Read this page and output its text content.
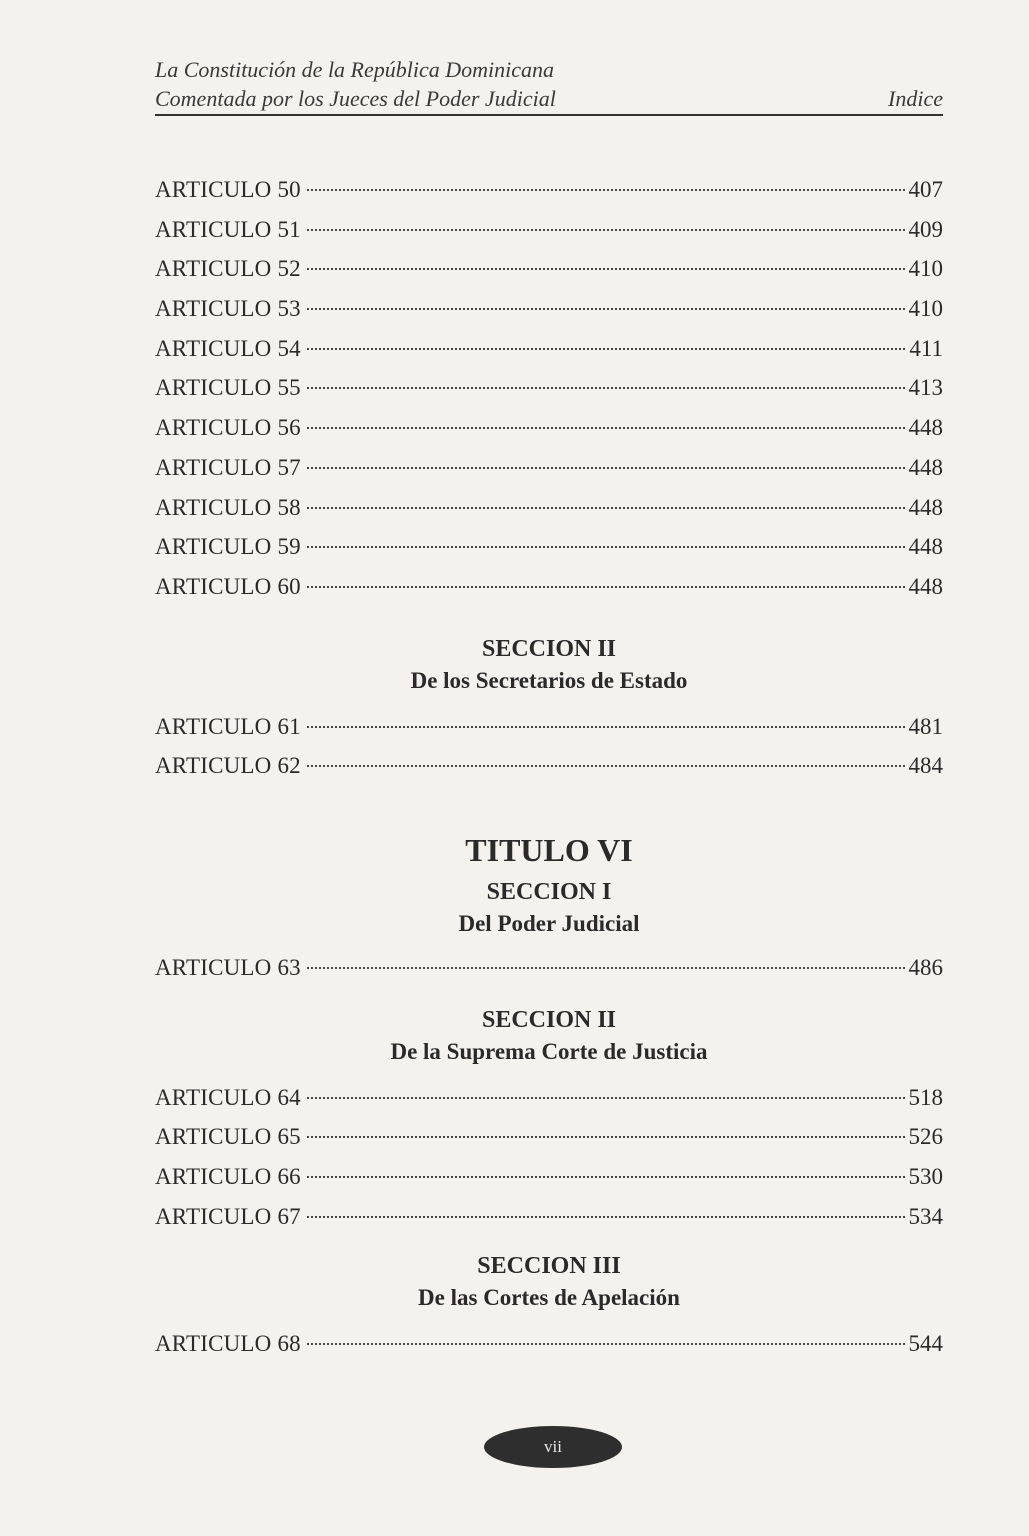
La Constitución de la República Dominicana
Comentada por los Jueces del Poder Judicial	Indice
ARTICULO 50	407
ARTICULO 51	409
ARTICULO 52	410
ARTICULO 53	410
ARTICULO 54	411
ARTICULO 55	413
ARTICULO 56	448
ARTICULO 57	448
ARTICULO 58	448
ARTICULO 59	448
ARTICULO 60	448
SECCION II
De los Secretarios de Estado
ARTICULO 61	481
ARTICULO 62	484
TITULO VI
SECCION I
Del Poder Judicial
ARTICULO 63	486
SECCION II
De la Suprema Corte de Justicia
ARTICULO 64	518
ARTICULO 65	526
ARTICULO 66	530
ARTICULO 67	534
SECCION III
De las Cortes de Apelación
ARTICULO 68	544
vii
